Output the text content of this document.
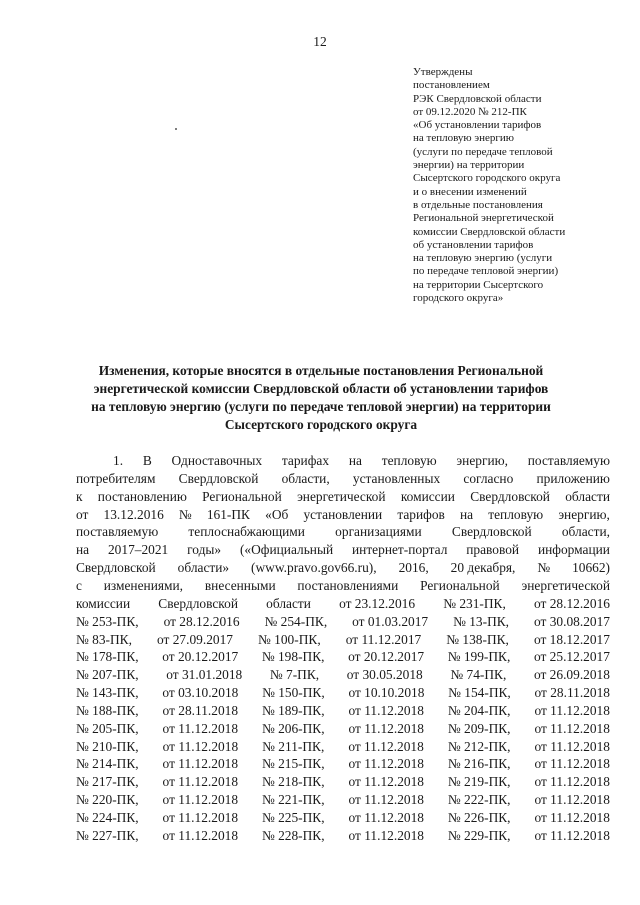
12
Утверждены
постановлением
РЭК Свердловской области
от 09.12.2020 № 212-ПК
«Об установлении тарифов
на тепловую энергию
(услуги по передаче тепловой
энергии) на территории
Сысертского городского округа
и о внесении изменений
в отдельные постановления
Региональной энергетической
комиссии Свердловской области
об установлении тарифов
на тепловую энергию (услуги
по передаче тепловой энергии)
на территории Сысертского
городского округа»
Изменения, которые вносятся в отдельные постановления Региональной
энергетической комиссии Свердловской области об установлении тарифов
на тепловую энергию (услуги по передаче тепловой энергии) на территории
Сысертского городского округа
1. В Одноставочных тарифах на тепловую энергию, поставляемую
потребителям Свердловской области, установленных согласно приложению
к постановлению Региональной энергетической комиссии Свердловской области
от 13.12.2016 № 161-ПК «Об установлении тарифов на тепловую энергию,
поставляемую теплоснабжающими организациями Свердловской области,
на 2017–2021 годы» («Официальный интернет-портал правовой информации
Свердловской области» (www.pravo.gov66.ru), 2016, 20 декабря, № 10662)
с изменениями, внесенными постановлениями Региональной энергетической
комиссии Свердловской области от 23.12.2016 № 231-ПК, от 28.12.2016
№ 253-ПК, от 28.12.2016 № 254-ПК, от 01.03.2017 № 13-ПК, от 30.08.2017
№ 83-ПК, от 27.09.2017 № 100-ПК, от 11.12.2017 № 138-ПК, от 18.12.2017
№ 178-ПК, от 20.12.2017 № 198-ПК, от 20.12.2017 № 199-ПК, от 25.12.2017
№ 207-ПК, от 31.01.2018 № 7-ПК, от 30.05.2018 № 74-ПК, от 26.09.2018
№ 143-ПК, от 03.10.2018 № 150-ПК, от 10.10.2018 № 154-ПК, от 28.11.2018
№ 188-ПК, от 28.11.2018 № 189-ПК, от 11.12.2018 № 204-ПК, от 11.12.2018
№ 205-ПК, от 11.12.2018 № 206-ПК, от 11.12.2018 № 209-ПК, от 11.12.2018
№ 210-ПК, от 11.12.2018 № 211-ПК, от 11.12.2018 № 212-ПК, от 11.12.2018
№ 214-ПК, от 11.12.2018 № 215-ПК, от 11.12.2018 № 216-ПК, от 11.12.2018
№ 217-ПК, от 11.12.2018 № 218-ПК, от 11.12.2018 № 219-ПК, от 11.12.2018
№ 220-ПК, от 11.12.2018 № 221-ПК, от 11.12.2018 № 222-ПК, от 11.12.2018
№ 224-ПК, от 11.12.2018 № 225-ПК, от 11.12.2018 № 226-ПК, от 11.12.2018
№ 227-ПК, от 11.12.2018 № 228-ПК, от 11.12.2018 № 229-ПК, от 11.12.2018
